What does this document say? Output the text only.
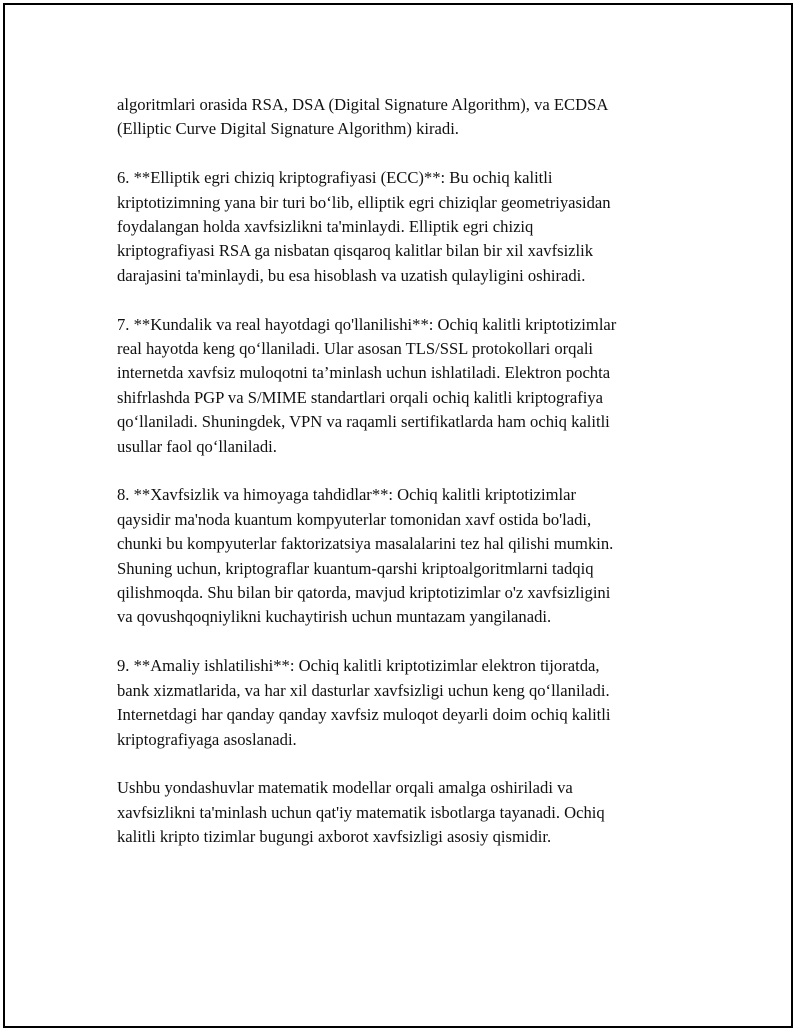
algoritmlari orasida RSA, DSA (Digital Signature Algorithm), va ECDSA
(Elliptic Curve Digital Signature Algorithm) kiradi.

6. **Elliptik egri chiziq kriptografiyasi (ECC)**: Bu ochiq kalitli
kriptotizimning yana bir turi bo‘lib, elliptik egri chiziqlar geometriyasidan
foydalangan holda xavfsizlikni ta'minlaydi. Elliptik egri chiziq
kriptografiyasi RSA ga nisbatan qisqaroq kalitlar bilan bir xil xavfsizlik
darajasini ta'minlaydi, bu esa hisoblash va uzatish qulayligini oshiradi.

7. **Kundalik va real hayotdagi qo'llanilishi**: Ochiq kalitli kriptotizimlar
real hayotda keng qo‘llaniladi. Ular asosan TLS/SSL protokollari orqali
internetda xavfsiz muloqotni ta’minlash uchun ishlatiladi. Elektron pochta
shifrlashda PGP va S/MIME standartlari orqali ochiq kalitli kriptografiya
qo‘llaniladi. Shuningdek, VPN va raqamli sertifikatlarda ham ochiq kalitli
usullar faol qo‘llaniladi.

8. **Xavfsizlik va himoyaga tahdidlar**: Ochiq kalitli kriptotizimlar
qaysidir ma'noda kuantum kompyuterlar tomonidan xavf ostida bo'ladi,
chunki bu kompyuterlar faktorizatsiya masalalarini tez hal qilishi mumkin.
Shuning uchun, kriptograflar kuantum-qarshi kriptoalgoritmlarni tadqiq
qilishmoqda. Shu bilan bir qatorda, mavjud kriptotizimlar o'z xavfsizligini
va qovushqoqniylikni kuchaytirish uchun muntazam yangilanadi.

9. **Amaliy ishlatilishi**: Ochiq kalitli kriptotizimlar elektron tijoratda,
bank xizmatlarida, va har xil dasturlar xavfsizligi uchun keng qo‘llaniladi.
Internetdagi har qanday qanday xavfsiz muloqot deyarli doim ochiq kalitli
kriptografiyaga asoslanadi.

Ushbu yondashuvlar matematik modellar orqali amalga oshiriladi va
xavfsizlikni ta'minlash uchun qat'iy matematik isbotlarga tayanadi. Ochiq
kalitli kripto tizimlar bugungi axborot xavfsizligi asosiy qismidir.
